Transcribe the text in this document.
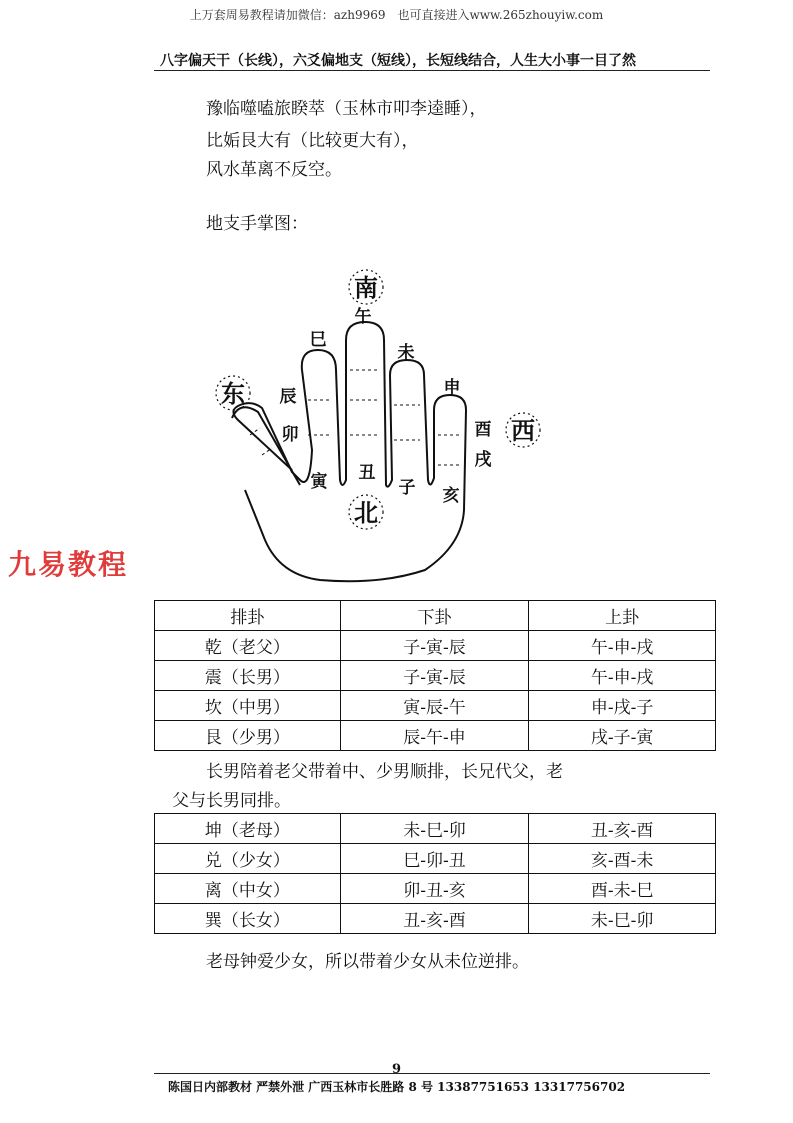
上万套周易教程请加微信：azh9969　也可直接进入www.265zhouyiw.com
八字偏天干（长线），六爻偏地支（短线），长短线结合，人生大小事一目了然
豫临噬嗑旅睽萃（玉林市叩李逵睡），
比姤艮大有（比较更大有），
风水革离不反空。
地支手掌图：
南
东
西
北
午
巳
未
辰
卯
申
酉
戌
寅 丑
子 亥
九易教程
排卦	下卦	上卦
乾（老父）	子-寅-辰	午-申-戌
震（长男）	子-寅-辰	午-申-戌
坎（中男）	寅-辰-午	申-戌-子
艮（少男）	辰-午-申	戌-子-寅
长男陪着老父带着中、少男顺排，长兄代父，老
父与长男同排。
坤（老母）	未-巳-卯	丑-亥-酉
兑（少女）	巳-卯-丑	亥-酉-未
离（中女）	卯-丑-亥	酉-未-巳
巽（长女）	丑-亥-酉	未-巳-卯
老母钟爱少女，所以带着少女从未位逆排。
9
陈国日内部教材 严禁外泄 广西玉林市长胜路 8 号 13387751653 13317756702
